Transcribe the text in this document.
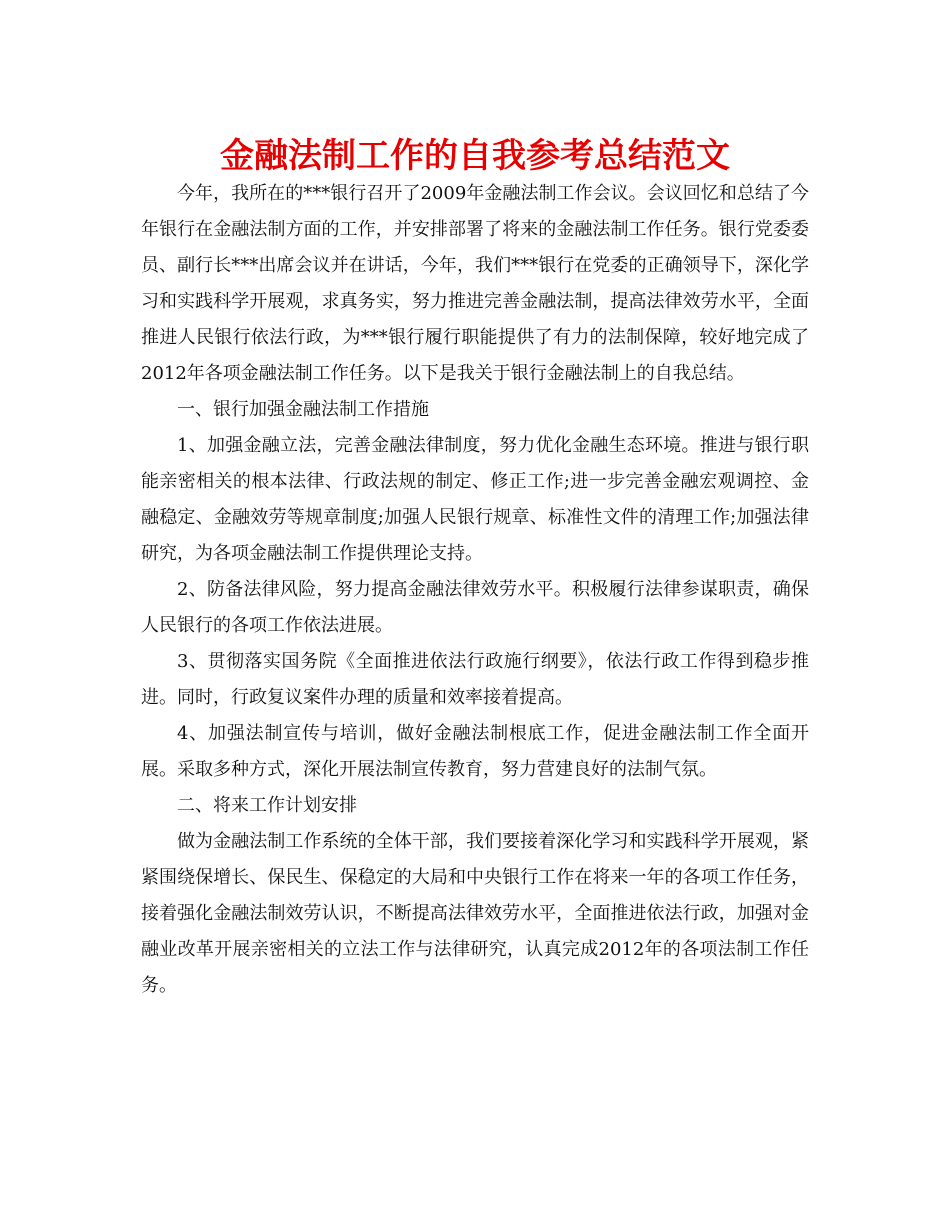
金融法制工作的自我参考总结范文

今年，我所在的***银行召开了2009年金融法制工作会议。会议回忆和总结了今年银行在金融法制方面的工作，并安排部署了将来的金融法制工作任务。银行党委委员、副行长***出席会议并在讲话，今年，我们***银行在党委的正确领导下，深化学习和实践科学开展观，求真务实，努力推进完善金融法制，提高法律效劳水平，全面推进人民银行依法行政，为***银行履行职能提供了有力的法制保障，较好地完成了2012年各项金融法制工作任务。以下是我关于银行金融法制上的自我总结。

一、银行加强金融法制工作措施

1、加强金融立法，完善金融法律制度，努力优化金融生态环境。推进与银行职能亲密相关的根本法律、行政法规的制定、修正工作;进一步完善金融宏观调控、金融稳定、金融效劳等规章制度;加强人民银行规章、标准性文件的清理工作;加强法律研究，为各项金融法制工作提供理论支持。

2、防备法律风险，努力提高金融法律效劳水平。积极履行法律参谋职责，确保人民银行的各项工作依法进展。

3、贯彻落实国务院《全面推进依法行政施行纲要》，依法行政工作得到稳步推进。同时，行政复议案件办理的质量和效率接着提高。

4、加强法制宣传与培训，做好金融法制根底工作，促进金融法制工作全面开展。采取多种方式，深化开展法制宣传教育，努力营建良好的法制气氛。

二、将来工作计划安排

做为金融法制工作系统的全体干部，我们要接着深化学习和实践科学开展观，紧紧围绕保增长、保民生、保稳定的大局和中央银行工作在将来一年的各项工作任务，接着强化金融法制效劳认识，不断提高法律效劳水平，全面推进依法行政，加强对金融业改革开展亲密相关的立法工作与法律研究，认真完成2012年的各项法制工作任务。
